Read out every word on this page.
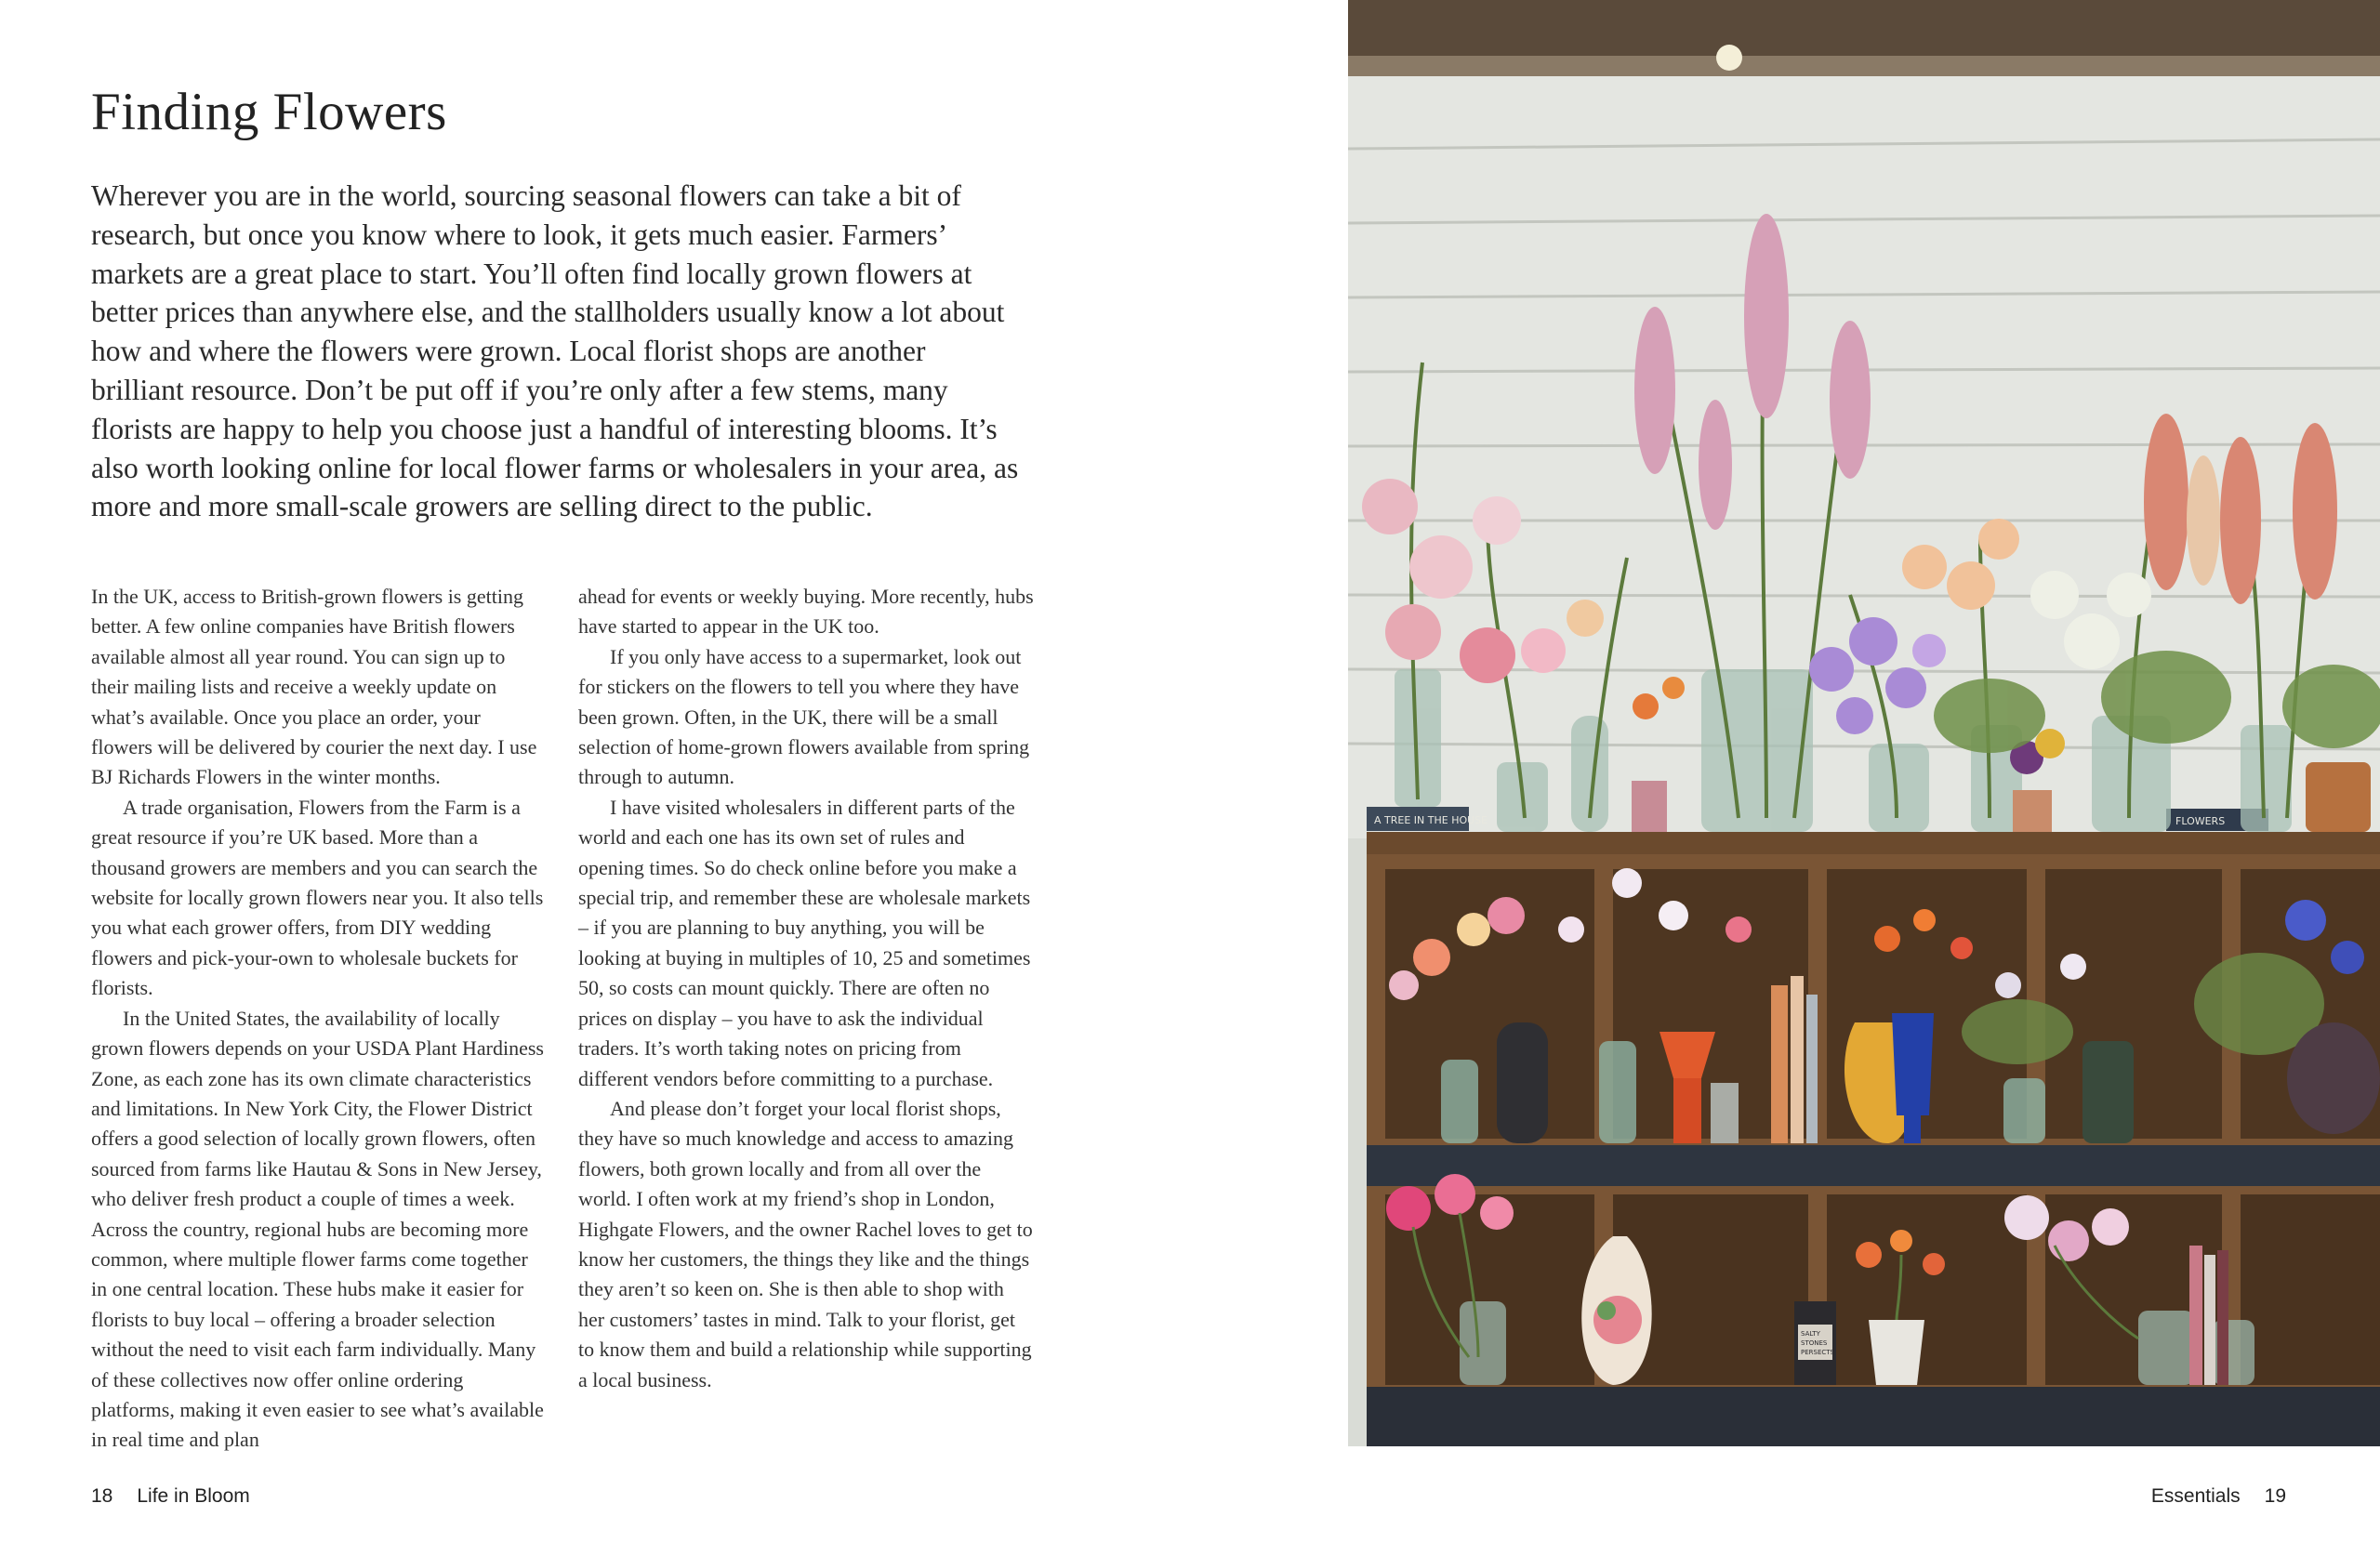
Finding Flowers

Wherever you are in the world, sourcing seasonal flowers can take a bit of research, but once you know where to look, it gets much easier. Farmers’ markets are a great place to start. You’ll often find locally grown flowers at better prices than anywhere else, and the stallholders usually know a lot about how and where the flowers were grown. Local florist shops are another brilliant resource. Don’t be put off if you’re only after a few stems, many florists are happy to help you choose just a handful of interesting blooms. It’s also worth looking online for local flower farms or wholesalers in your area, as more and more small-scale growers are selling direct to the public.

In the UK, access to British-grown flowers is getting better. A few online companies have British flowers available almost all year round. You can sign up to their mailing lists and receive a weekly update on what’s available. Once you place an order, your flowers will be delivered by courier the next day. I use BJ Richards Flowers in the winter months.

A trade organisation, Flowers from the Farm is a great resource if you’re UK based. More than a thousand growers are members and you can search the website for locally grown flowers near you. It also tells you what each grower offers, from DIY wedding flowers and pick-your-own to wholesale buckets for florists.

In the United States, the availability of locally grown flowers depends on your USDA Plant Hardiness Zone, as each zone has its own climate characteristics and limitations. In New York City, the Flower District offers a good selection of locally grown flowers, often sourced from farms like Hautau & Sons in New Jersey, who deliver fresh product a couple of times a week. Across the country, regional hubs are becoming more common, where multiple flower farms come together in one central location. These hubs make it easier for florists to buy local – offering a broader selection without the need to visit each farm individually. Many of these collectives now offer online ordering platforms, making it even easier to see what’s available in real time and plan

ahead for events or weekly buying. More recently, hubs have started to appear in the UK too.

If you only have access to a supermarket, look out for stickers on the flowers to tell you where they have been grown. Often, in the UK, there will be a small selection of home-grown flowers available from spring through to autumn.

I have visited wholesalers in different parts of the world and each one has its own set of rules and opening times. So do check online before you make a special trip, and remember these are wholesale markets – if you are planning to buy anything, you will be looking at buying in multiples of 10, 25 and sometimes 50, so costs can mount quickly. There are often no prices on display – you have to ask the individual traders. It’s worth taking notes on pricing from different vendors before committing to a purchase.

And please don’t forget your local florist shops, they have so much knowledge and access to amazing flowers, both grown locally and from all over the world. I often work at my friend’s shop in London, Highgate Flowers, and the owner Rachel loves to get to know her customers, the things they like and the things they aren’t so keen on. She is then able to shop with her customers’ tastes in mind. Talk to your florist, get to know them and build a relationship while supporting a local business.

18 Life in Bloom	Essentials 19
A TREE IN THE HOUSE	FLOWERS
SALTY
STONES
PERSECTS
